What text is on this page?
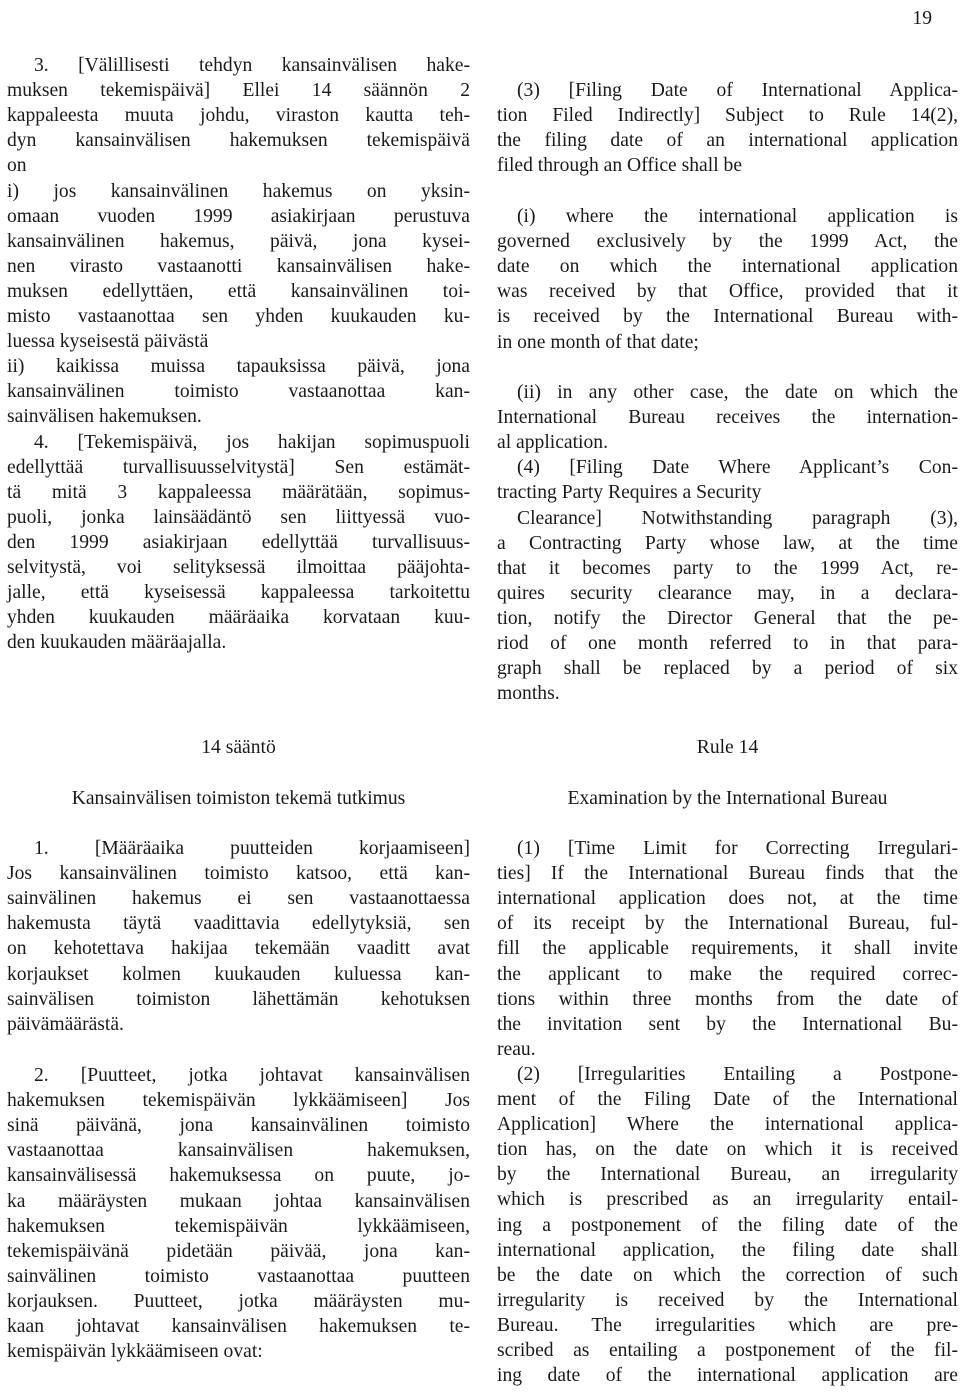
19
3. [Välillisesti tehdyn kansainvälisen hake-
muksen tekemispäivä] Ellei 14 säännön 2
kappaleesta muuta johdu, viraston kautta teh-
dyn kansainvälisen hakemuksen tekemispäivä
on
i) jos kansainvälinen hakemus on yksin-
omaan vuoden 1999 asiakirjaan perustuva
kansainvälinen hakemus, päivä, jona kysei-
nen virasto vastaanotti kansainvälisen hake-
muksen edellyttäen, että kansainvälinen toi-
misto vastaanottaa sen yhden kuukauden ku-
luessa kyseisestä päivästä
ii) kaikissa muissa tapauksissa päivä, jona
kansainvälinen toimisto vastaanottaa kan-
sainvälisen hakemuksen.
4. [Tekemispäivä, jos hakijan sopimuspuoli
edellyttää turvallisuusselvitystä] Sen estämät-
tä mitä 3 kappaleessa määrätään, sopimus-
puoli, jonka lainsäädäntö sen liittyessä vuo-
den 1999 asiakirjaan edellyttää turvallisuus-
selvitystä, voi selityksessä ilmoittaa pääjohta-
jalle, että kyseisessä kappaleessa tarkoitettu
yhden kuukauden määräaika korvataan kuu-
den kuukauden määräajalla.
14 sääntö
Kansainvälisen toimiston tekemä tutkimus
1. [Määräaika puutteiden korjaamiseen]
Jos kansainvälinen toimisto katsoo, että kan-
sainvälinen hakemus ei sen vastaanottaessa
hakemusta täytä vaadittavia edellytyksiä, sen
on kehotettava hakijaa tekemään vaaditt avat
korjaukset kolmen kuukauden kuluessa kan-
sainvälisen toimiston lähettämän kehotuksen
päivämäärästä.
2. [Puutteet, jotka johtavat kansainvälisen
hakemuksen tekemispäivän lykkäämiseen] Jos
sinä päivänä, jona kansainvälinen toimisto
vastaanottaa kansainvälisen hakemuksen,
kansainvälisessä hakemuksessa on puute, jo-
ka määräysten mukaan johtaa kansainvälisen
hakemuksen tekemispäivän lykkäämiseen,
tekemispäivänä pidetään päivää, jona kan-
sainvälinen toimisto vastaanottaa puutteen
korjauksen. Puutteet, jotka määräysten mu-
kaan johtavat kansainvälisen hakemuksen te-
kemispäivän lykkäämiseen ovat:
(3) [Filing Date of International Applica-
tion Filed Indirectly] Subject to Rule 14(2),
the filing date of an international application
filed through an Office shall be
(i) where the international application is
governed exclusively by the 1999 Act, the
date on which the international application
was received by that Office, provided that it
is received by the International Bureau with-
in one month of that date;
(ii) in any other case, the date on which the
International Bureau receives the internation-
al application.
(4) [Filing Date Where Applicant’s Con-
tracting Party Requires a Security
Clearance] Notwithstanding paragraph (3),
a Contracting Party whose law, at the time
that it becomes party to the 1999 Act, re-
quires security clearance may, in a declara-
tion, notify the Director General that the pe-
riod of one month referred to in that para-
graph shall be replaced by a period of six
months.
Rule 14
Examination by the International Bureau
(1) [Time Limit for Correcting Irregulari-
ties] If the International Bureau finds that the
international application does not, at the time
of its receipt by the International Bureau, ful-
fill the applicable requirements, it shall invite
the applicant to make the required correc-
tions within three months from the date of
the invitation sent by the International Bu-
reau.
(2) [Irregularities Entailing a Postpone-
ment of the Filing Date of the International
Application] Where the international applica-
tion has, on the date on which it is received
by the International Bureau, an irregularity
which is prescribed as an irregularity entail-
ing a postponement of the filing date of the
international application, the filing date shall
be the date on which the correction of such
irregularity is received by the International
Bureau. The irregularities which are pre-
scribed as entailing a postponement of the fil-
ing date of the international application are
